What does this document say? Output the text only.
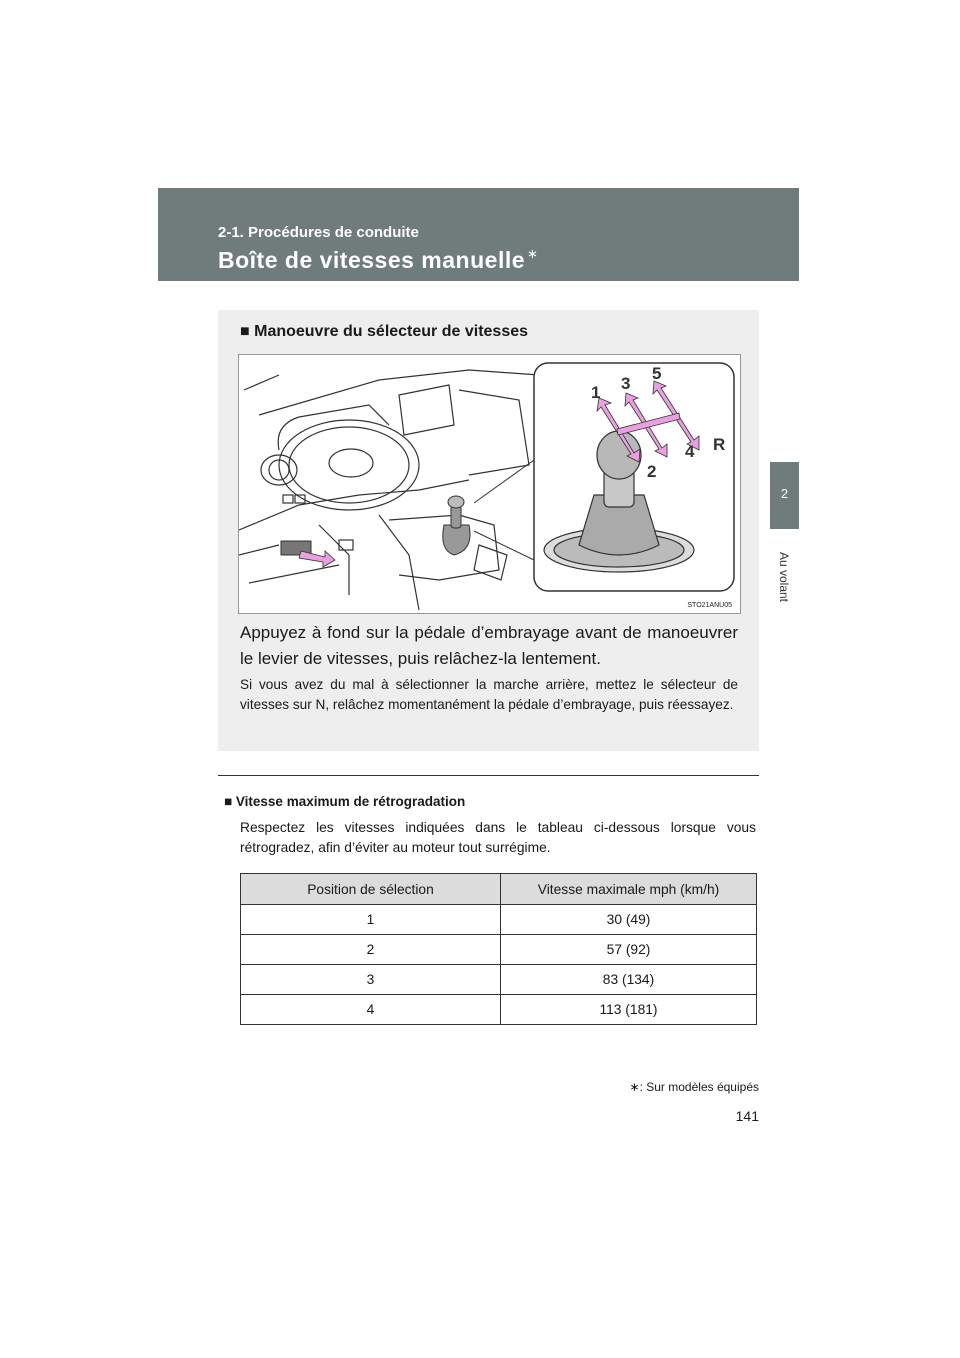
2-1. Procédures de conduite
Boîte de vitesses manuelle ∗
2
Au volant
■ Manoeuvre du sélecteur de vitesses
1
2
3
4
5
R
STO21ANU05
Appuyez à fond sur la pédale d’embrayage avant de manoeuvrer le levier de vitesses, puis relâchez-la lentement.
Si vous avez du mal à sélectionner la marche arrière, mettez le sélecteur de vitesses sur N, relâchez momentanément la pédale d’embrayage, puis réessayez.
■ Vitesse maximum de rétrogradation
Respectez les vitesses indiquées dans le tableau ci-dessous lorsque vous rétrogradez, afin d’éviter au moteur tout surrégime.
Position de sélection	Vitesse maximale mph (km/h)
1	30 (49)
2	57 (92)
3	83 (134)
4	113 (181)
∗: Sur modèles équipés
141
